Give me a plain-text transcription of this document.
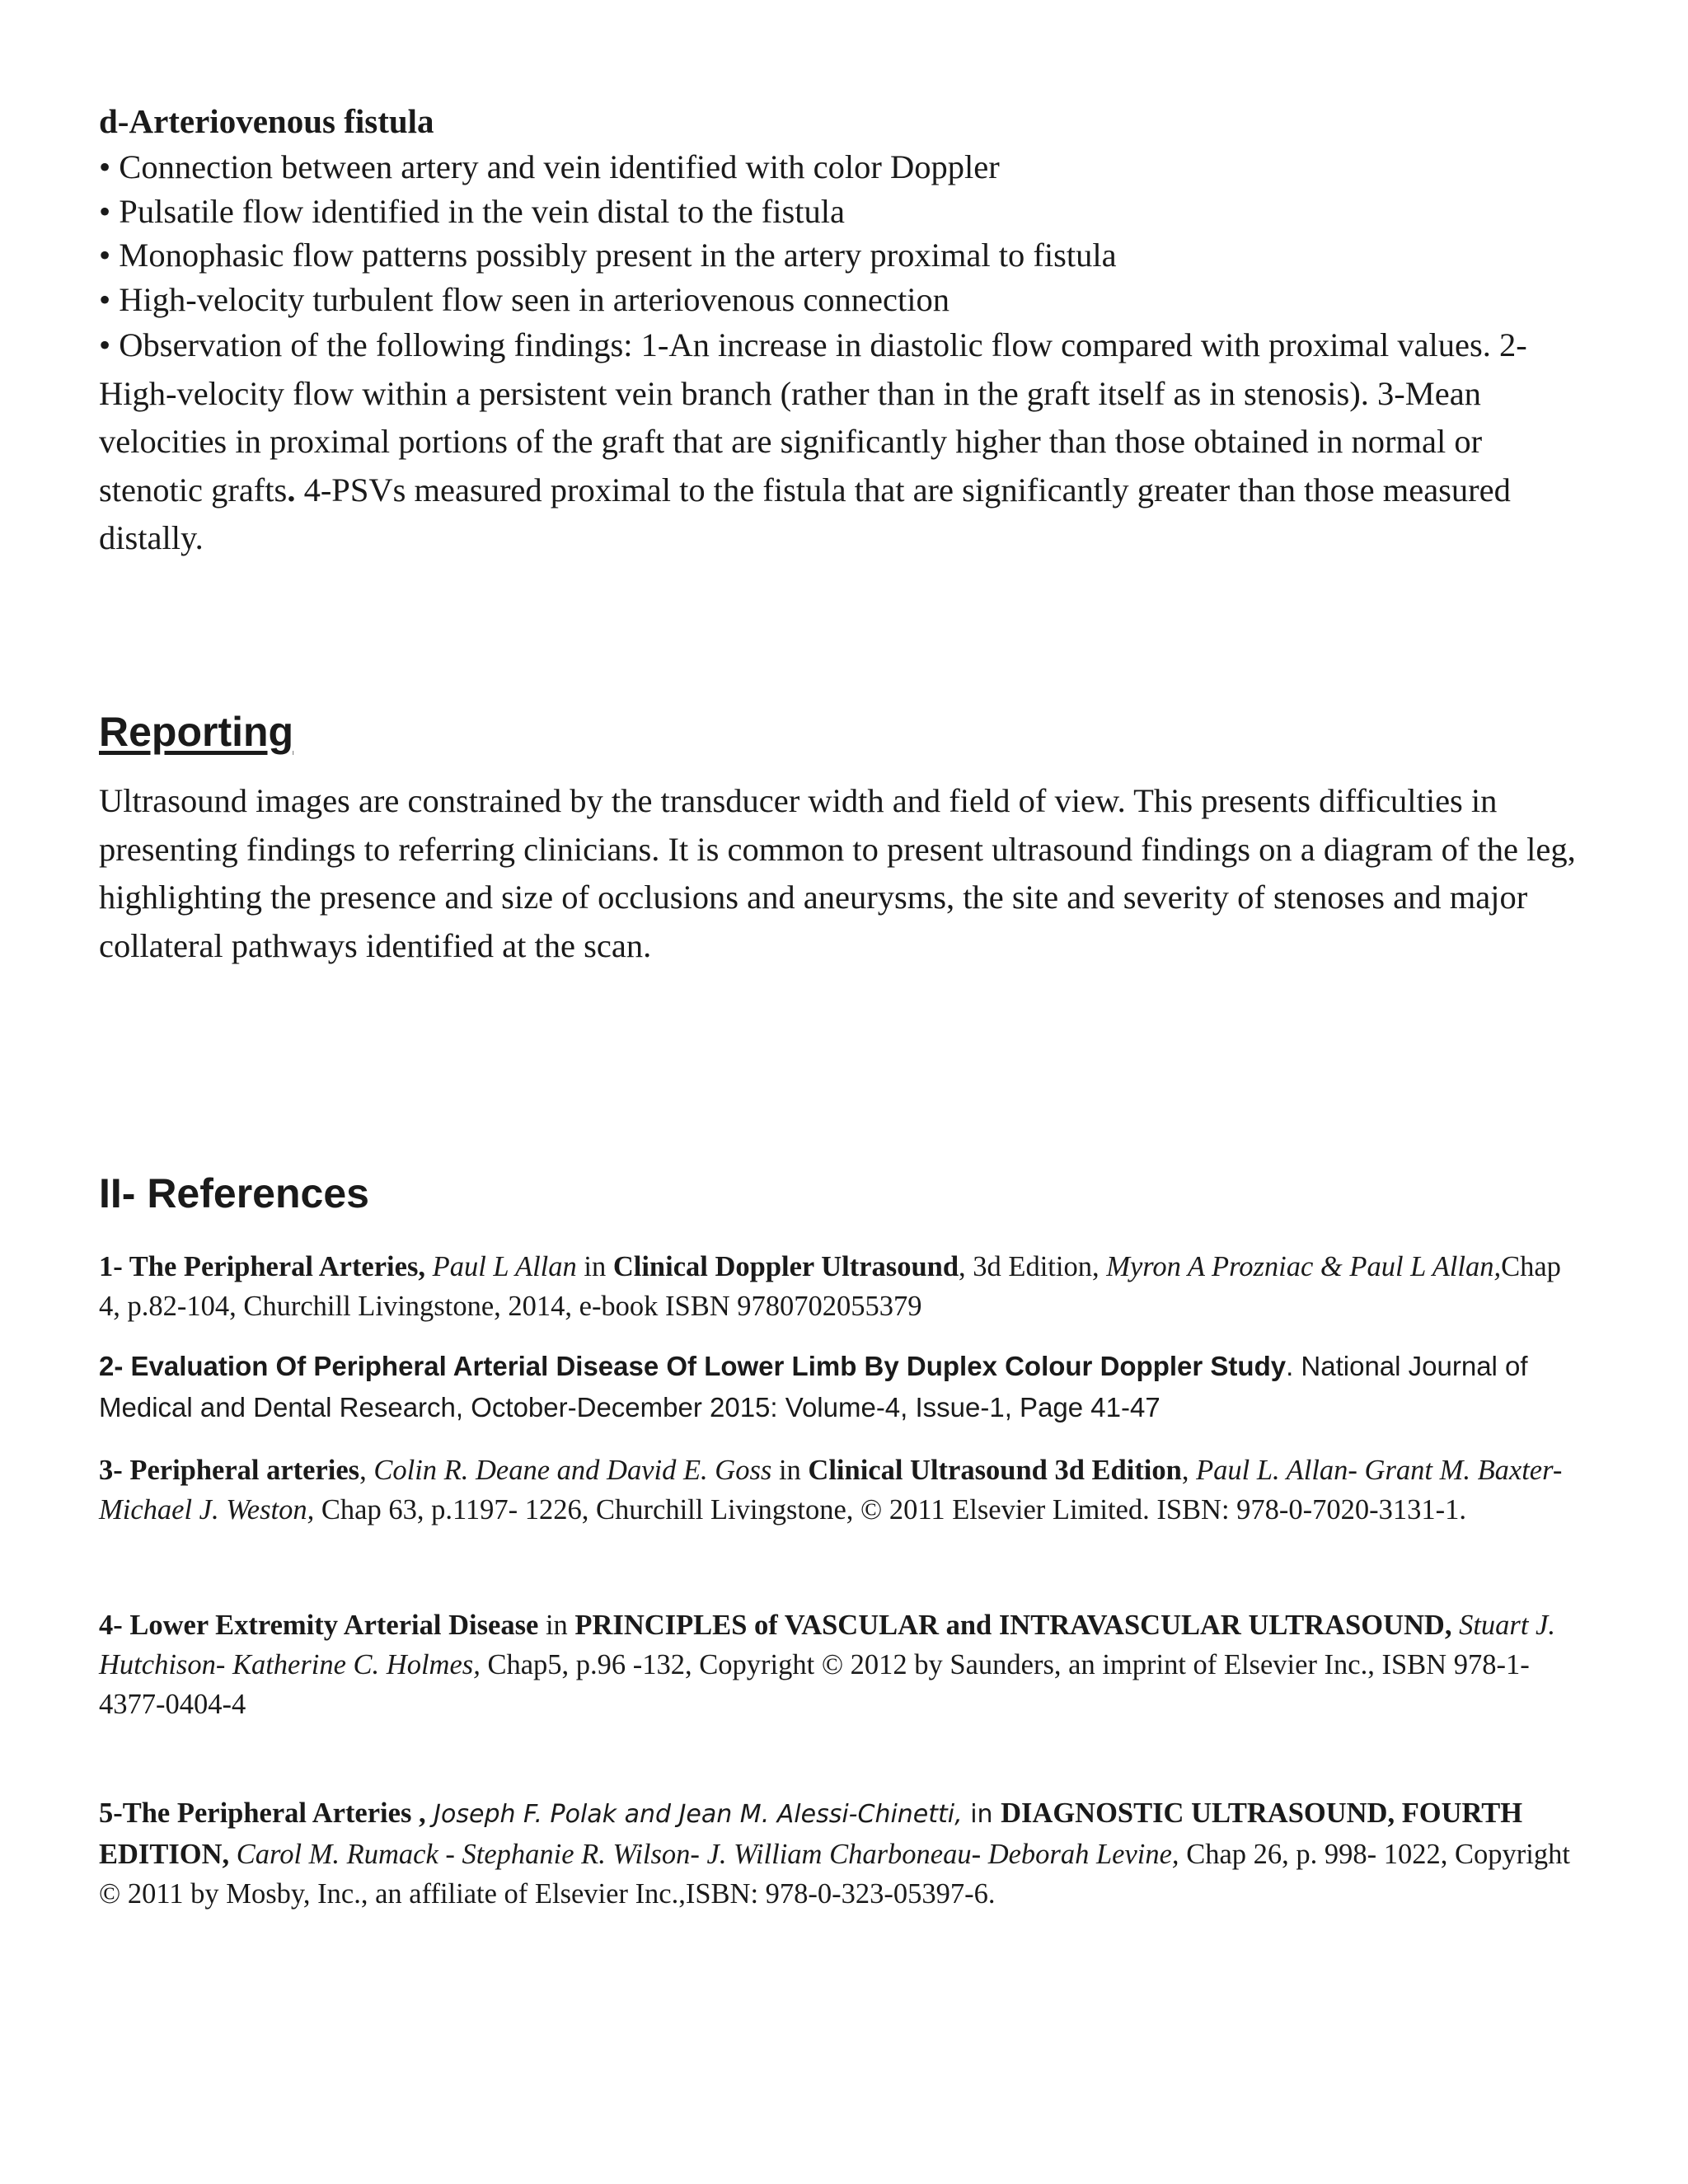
d-Arteriovenous fistula

• Connection between artery and vein identified with color Doppler

• Pulsatile flow identified in the vein distal to the fistula

• Monophasic flow patterns possibly present in the artery proximal to fistula

• High-velocity turbulent flow seen in arteriovenous connection

• Observation of the following findings: 1-An increase in diastolic flow compared with proximal values. 2-High-velocity flow within a persistent vein branch (rather than in the graft itself as in stenosis). 3-Mean velocities in proximal portions of the graft that are significantly higher than those obtained in normal or stenotic grafts. 4-PSVs measured proximal to the fistula that are significantly greater than those measured distally.

Reporting

Ultrasound images are constrained by the transducer width and field of view. This presents difficulties in presenting findings to referring clinicians. It is common to present ultrasound findings on a diagram of the leg, highlighting the presence and size of occlusions and aneurysms, the site and severity of stenoses and major collateral pathways identified at the scan.

II- References

1- The Peripheral Arteries, Paul L Allan in Clinical Doppler Ultrasound, 3d Edition, Myron A Prozniac & Paul L Allan,Chap 4, p.82-104, Churchill Livingstone, 2014, e-book ISBN 9780702055379

2- Evaluation Of Peripheral Arterial Disease Of Lower Limb By Duplex Colour Doppler Study. National Journal of Medical and Dental Research, October-December 2015: Volume-4, Issue-1, Page 41-47

3- Peripheral arteries, Colin R. Deane and David E. Goss in Clinical Ultrasound 3d Edition, Paul L. Allan- Grant M. Baxter- Michael J. Weston, Chap 63, p.1197- 1226, Churchill Livingstone, © 2011 Elsevier Limited. ISBN: 978-0-7020-3131-1.

4- Lower Extremity Arterial Disease in PRINCIPLES of VASCULAR and INTRAVASCULAR ULTRASOUND, Stuart J. Hutchison- Katherine C. Holmes, Chap5, p.96 -132, Copyright © 2012 by Saunders, an imprint of Elsevier Inc., ISBN 978-1-4377-0404-4

5-The Peripheral Arteries , Joseph F. Polak and Jean M. Alessi-Chinetti, in DIAGNOSTIC ULTRASOUND, FOURTH EDITION, Carol M. Rumack - Stephanie R. Wilson- J. William Charboneau- Deborah Levine, Chap 26, p. 998- 1022, Copyright © 2011 by Mosby, Inc., an affiliate of Elsevier Inc.,ISBN: 978-0-323-05397-6.
